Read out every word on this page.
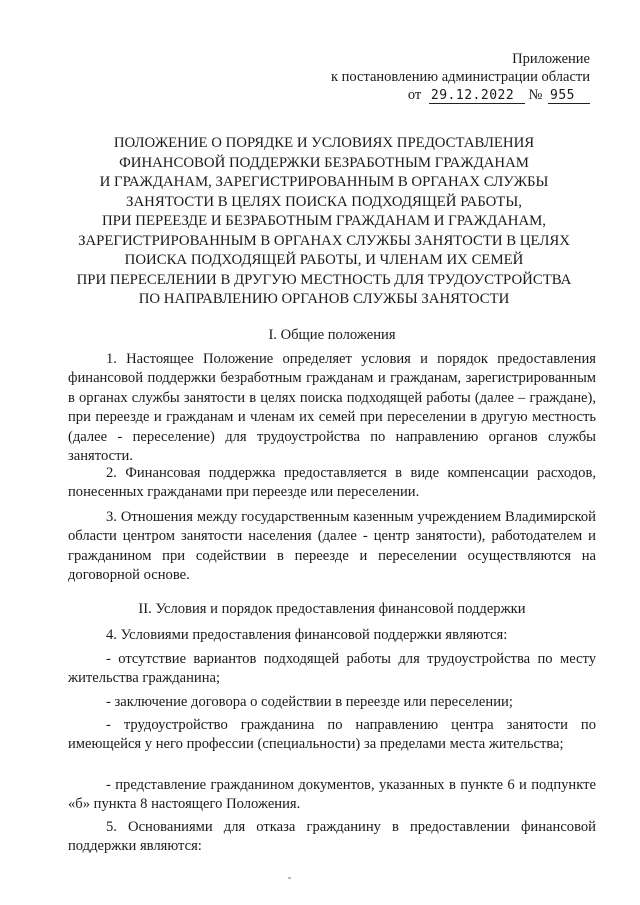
Приложение
к постановлению администрации области
от 29.12.2022 № 955
ПОЛОЖЕНИЕ О ПОРЯДКЕ И УСЛОВИЯХ ПРЕДОСТАВЛЕНИЯ
ФИНАНСОВОЙ ПОДДЕРЖКИ БЕЗРАБОТНЫМ ГРАЖДАНАМ
И ГРАЖДАНАМ, ЗАРЕГИСТРИРОВАННЫМ В ОРГАНАХ СЛУЖБЫ
ЗАНЯТОСТИ В ЦЕЛЯХ ПОИСКА ПОДХОДЯЩЕЙ РАБОТЫ,
ПРИ ПЕРЕЕЗДЕ И БЕЗРАБОТНЫМ ГРАЖДАНАМ И ГРАЖДАНАМ,
ЗАРЕГИСТРИРОВАННЫМ В ОРГАНАХ СЛУЖБЫ ЗАНЯТОСТИ В ЦЕЛЯХ
ПОИСКА ПОДХОДЯЩЕЙ РАБОТЫ, И ЧЛЕНАМ ИХ СЕМЕЙ
ПРИ ПЕРЕСЕЛЕНИИ В ДРУГУЮ МЕСТНОСТЬ ДЛЯ ТРУДОУСТРОЙСТВА
ПО НАПРАВЛЕНИЮ ОРГАНОВ СЛУЖБЫ ЗАНЯТОСТИ

I. Общие положения

1. Настоящее Положение определяет условия и порядок предоставления финансовой поддержки безработным гражданам и гражданам, зарегистрированным в органах службы занятости в целях поиска подходящей работы (далее – граждане), при переезде и гражданам и членам их семей при переселении в другую местность (далее - переселение) для трудоустройства по направлению органов службы занятости.

2. Финансовая поддержка предоставляется в виде компенсации расходов, понесенных гражданами при переезде или переселении.

3. Отношения между государственным казенным учреждением Владимирской области центром занятости населения (далее - центр занятости), работодателем и гражданином при содействии в переезде и переселении осуществляются на договорной основе.

II. Условия и порядок предоставления финансовой поддержки

4. Условиями предоставления финансовой поддержки являются:

- отсутствие вариантов подходящей работы для трудоустройства по месту жительства гражданина;

- заключение договора о содействии в переезде или переселении;

- трудоустройство гражданина по направлению центра занятости по имеющейся у него профессии (специальности) за пределами места жительства;

- представление гражданином документов, указанных в пункте 6 и подпункте «б» пункта 8 настоящего Положения.

5. Основаниями для отказа гражданину в предоставлении финансовой поддержки являются:
